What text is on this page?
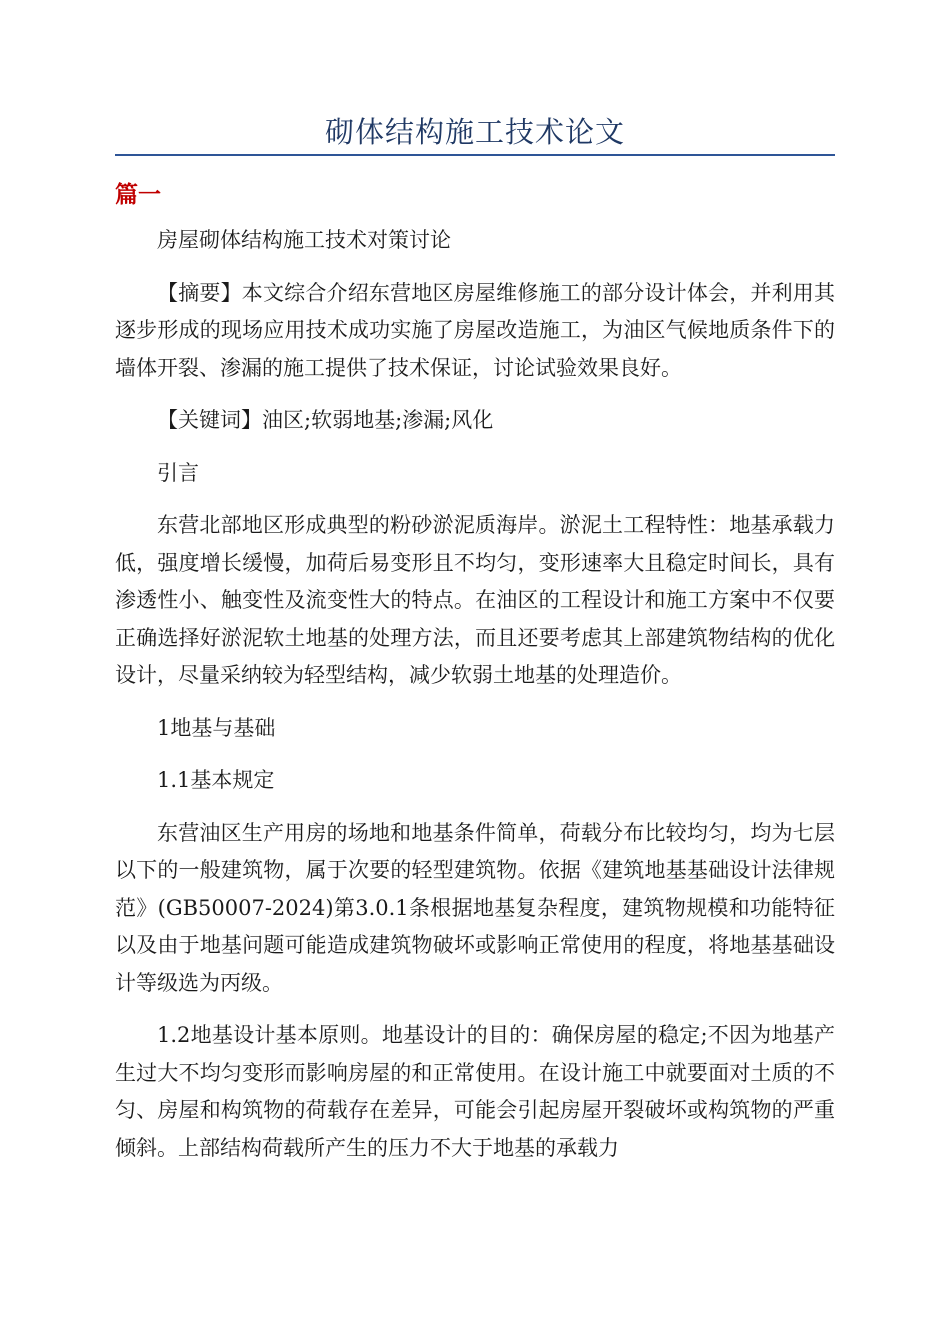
砌体结构施工技术论文
篇一

房屋砌体结构施工技术对策讨论

【摘要】本文综合介绍东营地区房屋维修施工的部分设计体会，并利用其逐步形成的现场应用技术成功实施了房屋改造施工，为油区气候地质条件下的墙体开裂、渗漏的施工提供了技术保证，讨论试验效果良好。

【关键词】油区;软弱地基;渗漏;风化

引言

东营北部地区形成典型的粉砂淤泥质海岸。淤泥土工程特性：地基承载力低，强度增长缓慢，加荷后易变形且不均匀，变形速率大且稳定时间长，具有渗透性小、触变性及流变性大的特点。在油区的工程设计和施工方案中不仅要正确选择好淤泥软土地基的处理方法，而且还要考虑其上部建筑物结构的优化设计，尽量采纳较为轻型结构，减少软弱土地基的处理造价。

1地基与基础

1.1基本规定

东营油区生产用房的场地和地基条件简单，荷载分布比较均匀，均为七层以下的一般建筑物，属于次要的轻型建筑物。依据《建筑地基基础设计法律规范》(GB50007-2024)第3.0.1条根据地基复杂程度，建筑物规模和功能特征以及由于地基问题可能造成建筑物破坏或影响正常使用的程度，将地基基础设计等级选为丙级。

1.2地基设计基本原则。地基设计的目的：确保房屋的稳定;不因为地基产生过大不均匀变形而影响房屋的和正常使用。在设计施工中就要面对土质的不匀、房屋和构筑物的荷载存在差异，可能会引起房屋开裂破坏或构筑物的严重倾斜。上部结构荷载所产生的压力不大于地基的承载力
